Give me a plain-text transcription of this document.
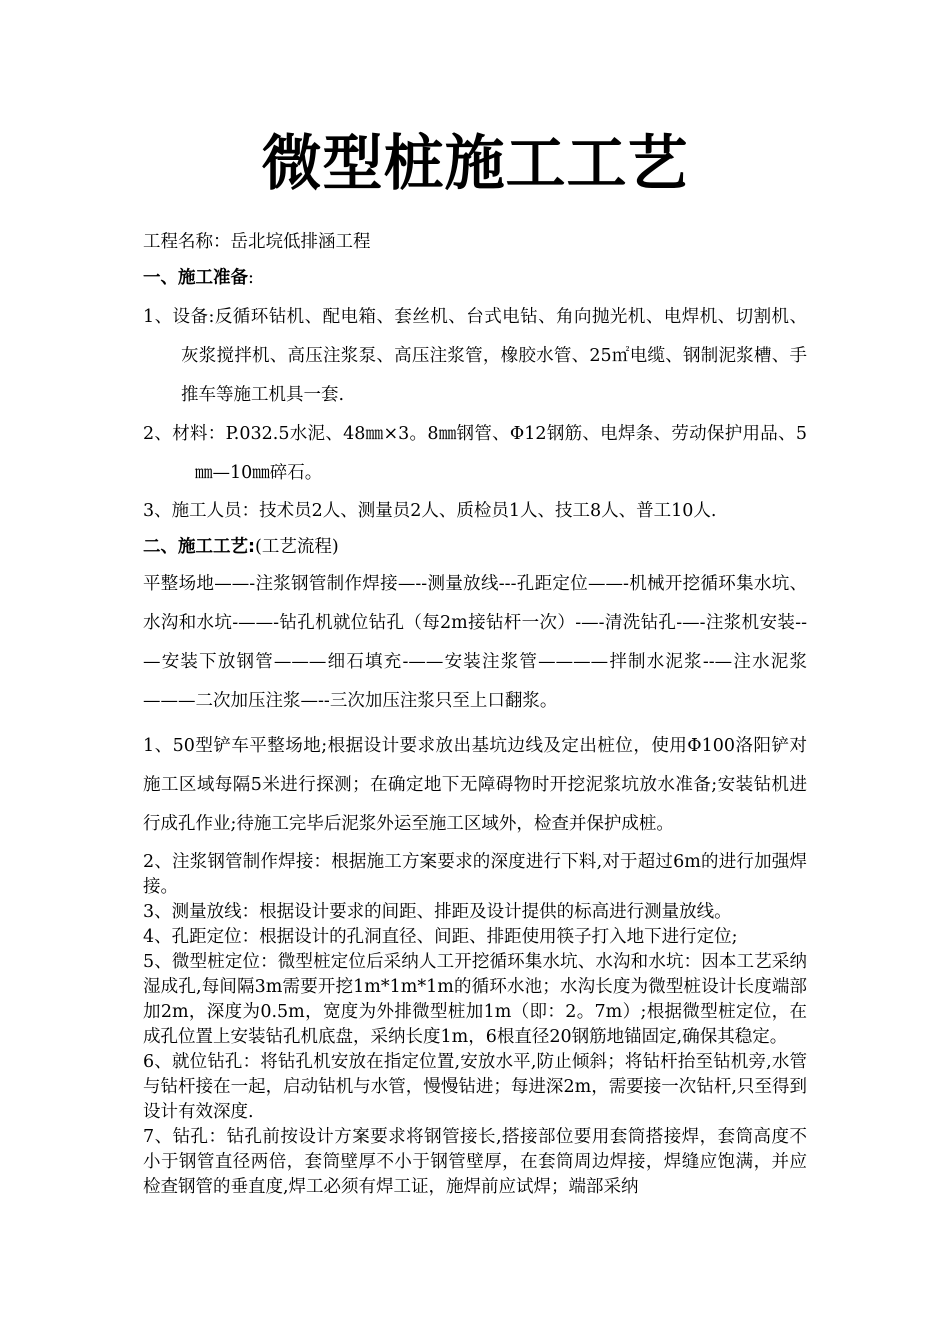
微型桩施工工艺

工程名称：岳北垸低排涵工程

一、施工准备:

1、设备:反循环钻机、配电箱、套丝机、台式电钻、角向抛光机、电焊机、切割机、灰浆搅拌机、高压注浆泵、高压注浆管，橡胶水管、25㎡电缆、钢制泥浆槽、手推车等施工机具一套.

2、材料：P.032.5水泥、48㎜×3。8㎜钢管、Φ12钢筋、电焊条、劳动保护用品、5㎜—10㎜碎石。

3、施工人员：技术员2人、测量员2人、质检员1人、技工8人、普工10人.

二、施工工艺:(工艺流程)

平整场地——-注浆钢管制作焊接—--测量放线---孔距定位——-机械开挖循环集水坑、水沟和水坑-——-钻孔机就位钻孔（每2m接钻杆一次）-—-清洗钻孔-—-注浆机安装--—安装下放钢管———细石填充-——安装注浆管————拌制水泥浆--—注水泥浆———二次加压注浆—--三次加压注浆只至上口翻浆。

1、50型铲车平整场地;根据设计要求放出基坑边线及定出桩位，使用Φ100洛阳铲对施工区域每隔5米进行探测；在确定地下无障碍物时开挖泥浆坑放水准备;安装钻机进行成孔作业;待施工完毕后泥浆外运至施工区域外，检查并保护成桩。

2、注浆钢管制作焊接：根据施工方案要求的深度进行下料,对于超过6m的进行加强焊接。

3、测量放线：根据设计要求的间距、排距及设计提供的标高进行测量放线。

4、孔距定位：根据设计的孔洞直径、间距、排距使用筷子打入地下进行定位;

5、微型桩定位：微型桩定位后采纳人工开挖循环集水坑、水沟和水坑：因本工艺采纳湿成孔,每间隔3m需要开挖1m*1m*1m的循环水池；水沟长度为微型桩设计长度端部加2m，深度为0.5m，宽度为外排微型桩加1m（即：2。7m）;根据微型桩定位，在成孔位置上安装钻孔机底盘，采纳长度1m，6根直径20钢筋地锚固定,确保其稳定。

6、就位钻孔：将钻孔机安放在指定位置,安放水平,防止倾斜；将钻杆抬至钻机旁,水管与钻杆接在一起，启动钻机与水管，慢慢钻进；每进深2m，需要接一次钻杆,只至得到设计有效深度.

7、钻孔：钻孔前按设计方案要求将钢管接长,搭接部位要用套筒搭接焊，套筒高度不小于钢管直径两倍，套筒壁厚不小于钢管壁厚，在套筒周边焊接，焊缝应饱满，并应检查钢管的垂直度,焊工必须有焊工证，施焊前应试焊；端部采纳
